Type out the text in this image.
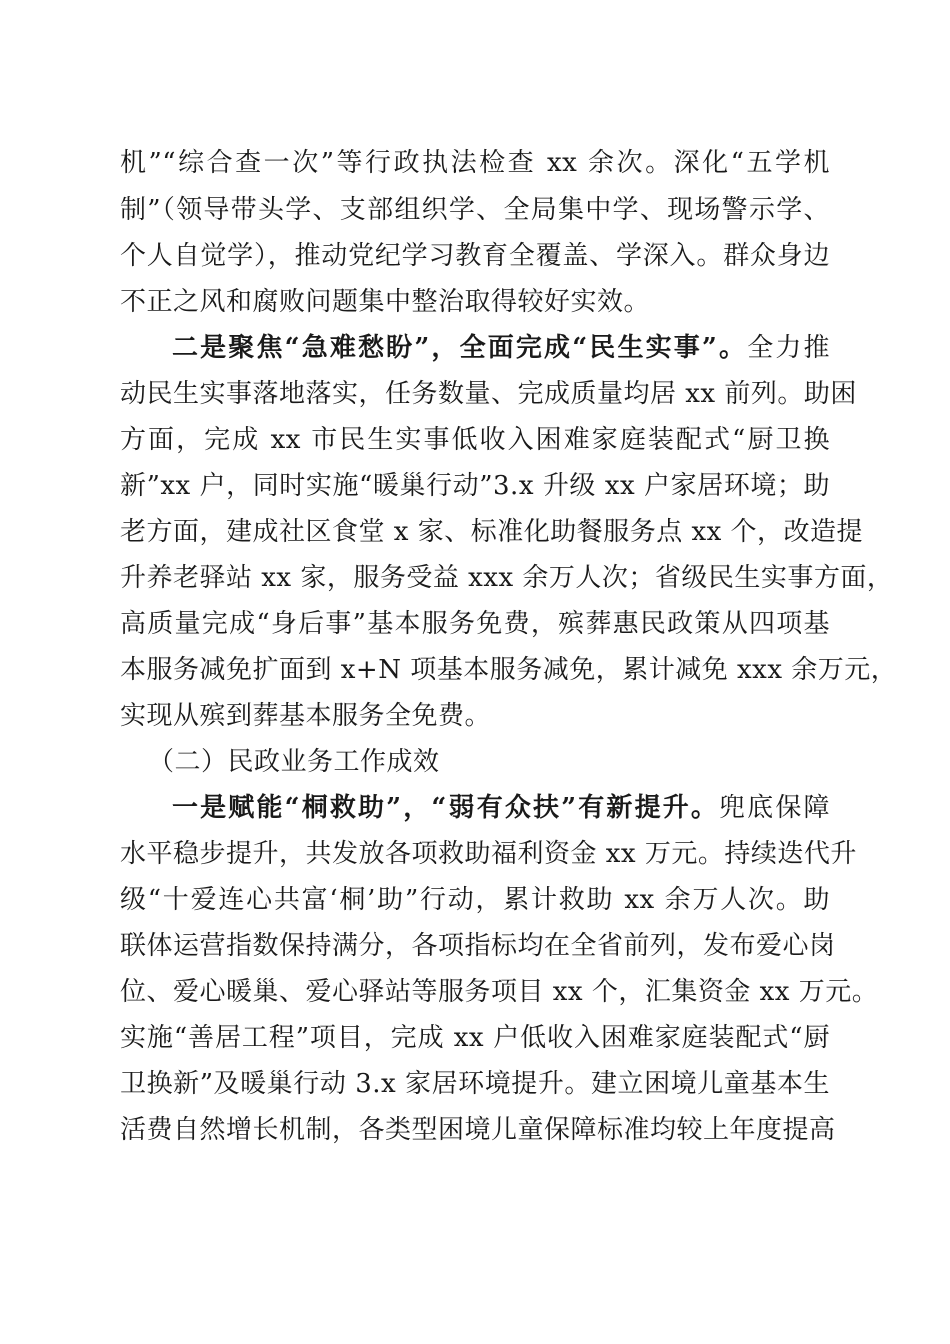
机”“综合查一次”等行政执法检查 xx 余次。深化“五学机
制”（领导带头学、支部组织学、全局集中学、现场警示学、
个人自觉学），推动党纪学习教育全覆盖、学深入。群众身边
不正之风和腐败问题集中整治取得较好实效。
二是聚焦“急难愁盼”，全面完成“民生实事”。全力推
动民生实事落地落实，任务数量、完成质量均居 xx 前列。助困
方面，完成 xx 市民生实事低收入困难家庭装配式“厨卫换
新”xx 户，同时实施“暖巢行动”3.x 升级 xx 户家居环境；助
老方面，建成社区食堂 x 家、标准化助餐服务点 xx 个，改造提
升养老驿站 xx 家，服务受益 xxx 余万人次；省级民生实事方面，
高质量完成“身后事”基本服务免费，殡葬惠民政策从四项基
本服务减免扩面到 x+N 项基本服务减免，累计减免 xxx 余万元，
实现从殡到葬基本服务全免费。
（二）民政业务工作成效
一是赋能“桐救助”，“弱有众扶”有新提升。兜底保障
水平稳步提升，共发放各项救助福利资金 xx 万元。持续迭代升
级“十爱连心共富‘桐’助”行动，累计救助 xx 余万人次。助
联体运营指数保持满分，各项指标均在全省前列，发布爱心岗
位、爱心暖巢、爱心驿站等服务项目 xx 个，汇集资金 xx 万元。
实施“善居工程”项目，完成 xx 户低收入困难家庭装配式“厨
卫换新”及暖巢行动 3.x 家居环境提升。建立困境儿童基本生
活费自然增长机制，各类型困境儿童保障标准均较上年度提高
